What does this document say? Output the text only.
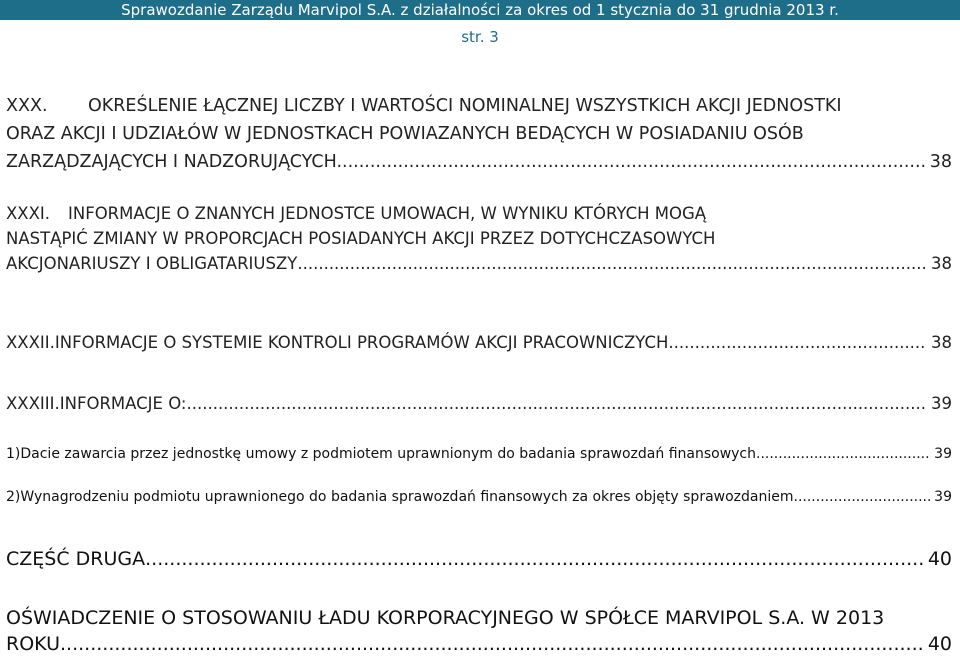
Sprawozdanie Zarządu Marvipol S.A. z działalności za okres od 1 stycznia do 31 grudnia 2013 r.
str. 3
XXX. OKREŚLENIE ŁĄCZNEJ LICZBY I WARTOŚCI NOMINALNEJ WSZYSTKICH AKCJI JEDNOSTKI
ORAZ AKCJI I UDZIAŁÓW W JEDNOSTKACH POWIAZANYCH BEDĄCYCH W POSIADANIU OSÓB
ZARZĄDZAJĄCYCH I NADZORUJĄCYCH. .....	38
XXXI. INFORMACJE O ZNANYCH JEDNOSTCE UMOWACH, W WYNIKU KTÓRYCH MOGĄ
NASTĄPIĆ ZMIANY W PROPORCJACH POSIADANYCH AKCJI PRZEZ DOTYCHCZASOWYCH
AKCJONARIUSZY I OBLIGATARIUSZY .....	38
XXXII. INFORMACJE O SYSTEMIE KONTROLI PROGRAMÓW AKCJI PRACOWNICZYCH .....	38
XXXIII. INFORMACJE O: .....	39
1) Dacie zawarcia przez jednostkę umowy z podmiotem uprawnionym do badania sprawozdań finansowych .....	39
2) Wynagrodzeniu podmiotu uprawnionego do badania sprawozdań finansowych za okres objęty sprawozdaniem .....	39
CZĘŚĆ DRUGA .....	40
OŚWIADCZENIE O STOSOWANIU ŁADU KORPORACYJNEGO W SPÓŁCE MARVIPOL S.A. W 2013
ROKU .....	40
